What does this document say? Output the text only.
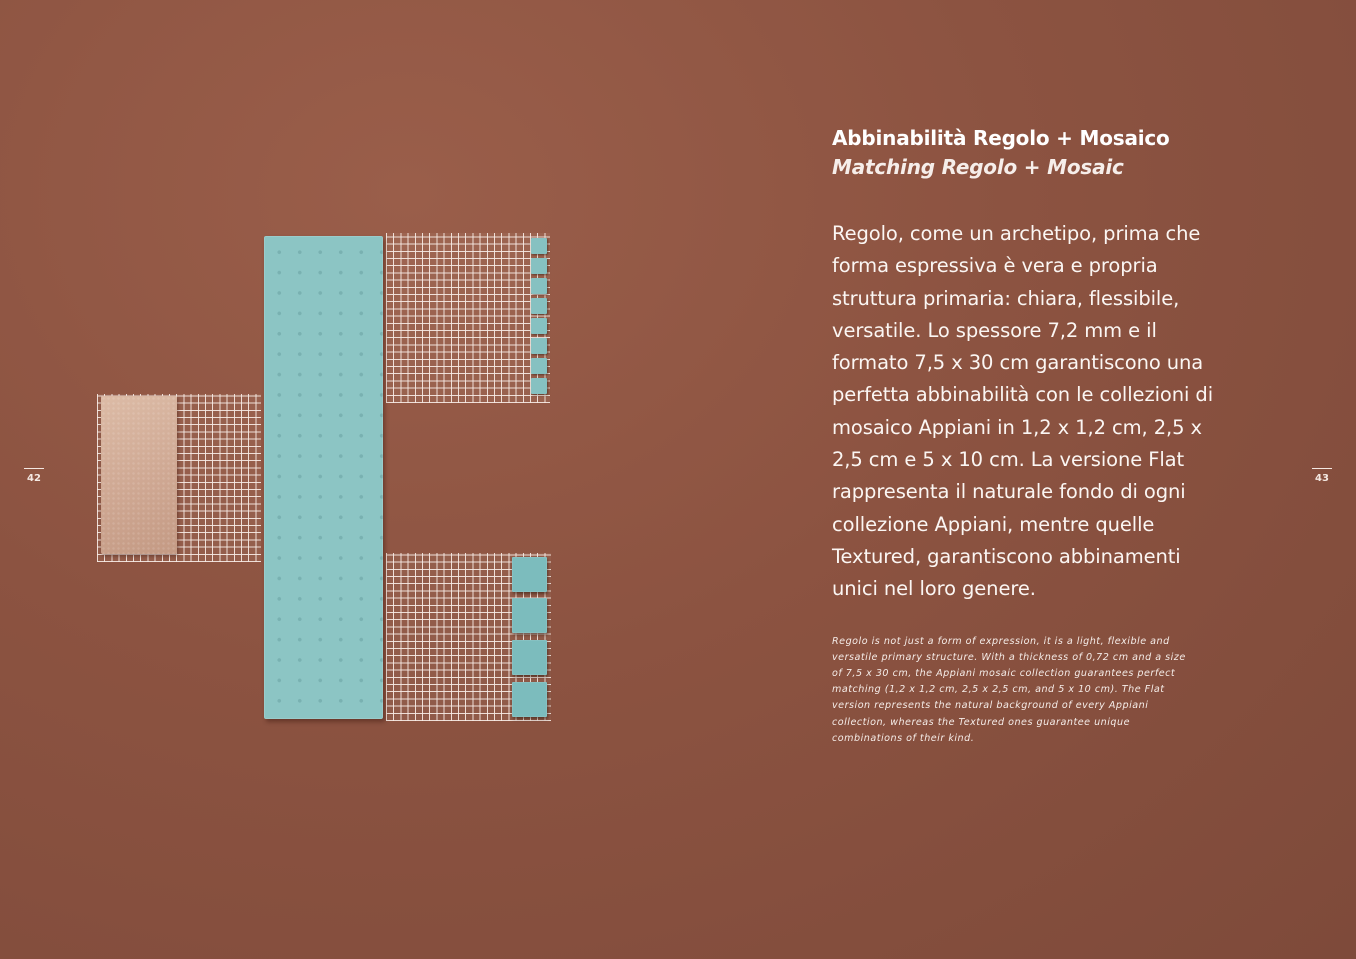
42	43
Abbinabilità Regolo + Mosaico
Matching Regolo + Mosaic

Regolo, come un archetipo, prima che forma espressiva è vera e propria struttura primaria: chiara, flessibile, versatile. Lo spessore 7,2 mm e il formato 7,5 x 30 cm garantiscono una perfetta abbinabilità con le collezioni di mosaico Appiani in 1,2 x 1,2 cm, 2,5 x 2,5 cm e 5 x 10 cm. La versione Flat rappresenta il naturale fondo di ogni collezione Appiani, mentre quelle Textured, garantiscono abbinamenti unici nel loro genere.

Regolo is not just a form of expression, it is a light, flexible and versatile primary structure. With a thickness of 0,72 cm and a size of 7,5 x 30 cm, the Appiani mosaic collection guarantees perfect matching (1,2 x 1,2 cm, 2,5 x 2,5 cm, and 5 x 10 cm). The Flat version represents the natural background of every Appiani collection, whereas the Textured ones guarantee unique combinations of their kind.
